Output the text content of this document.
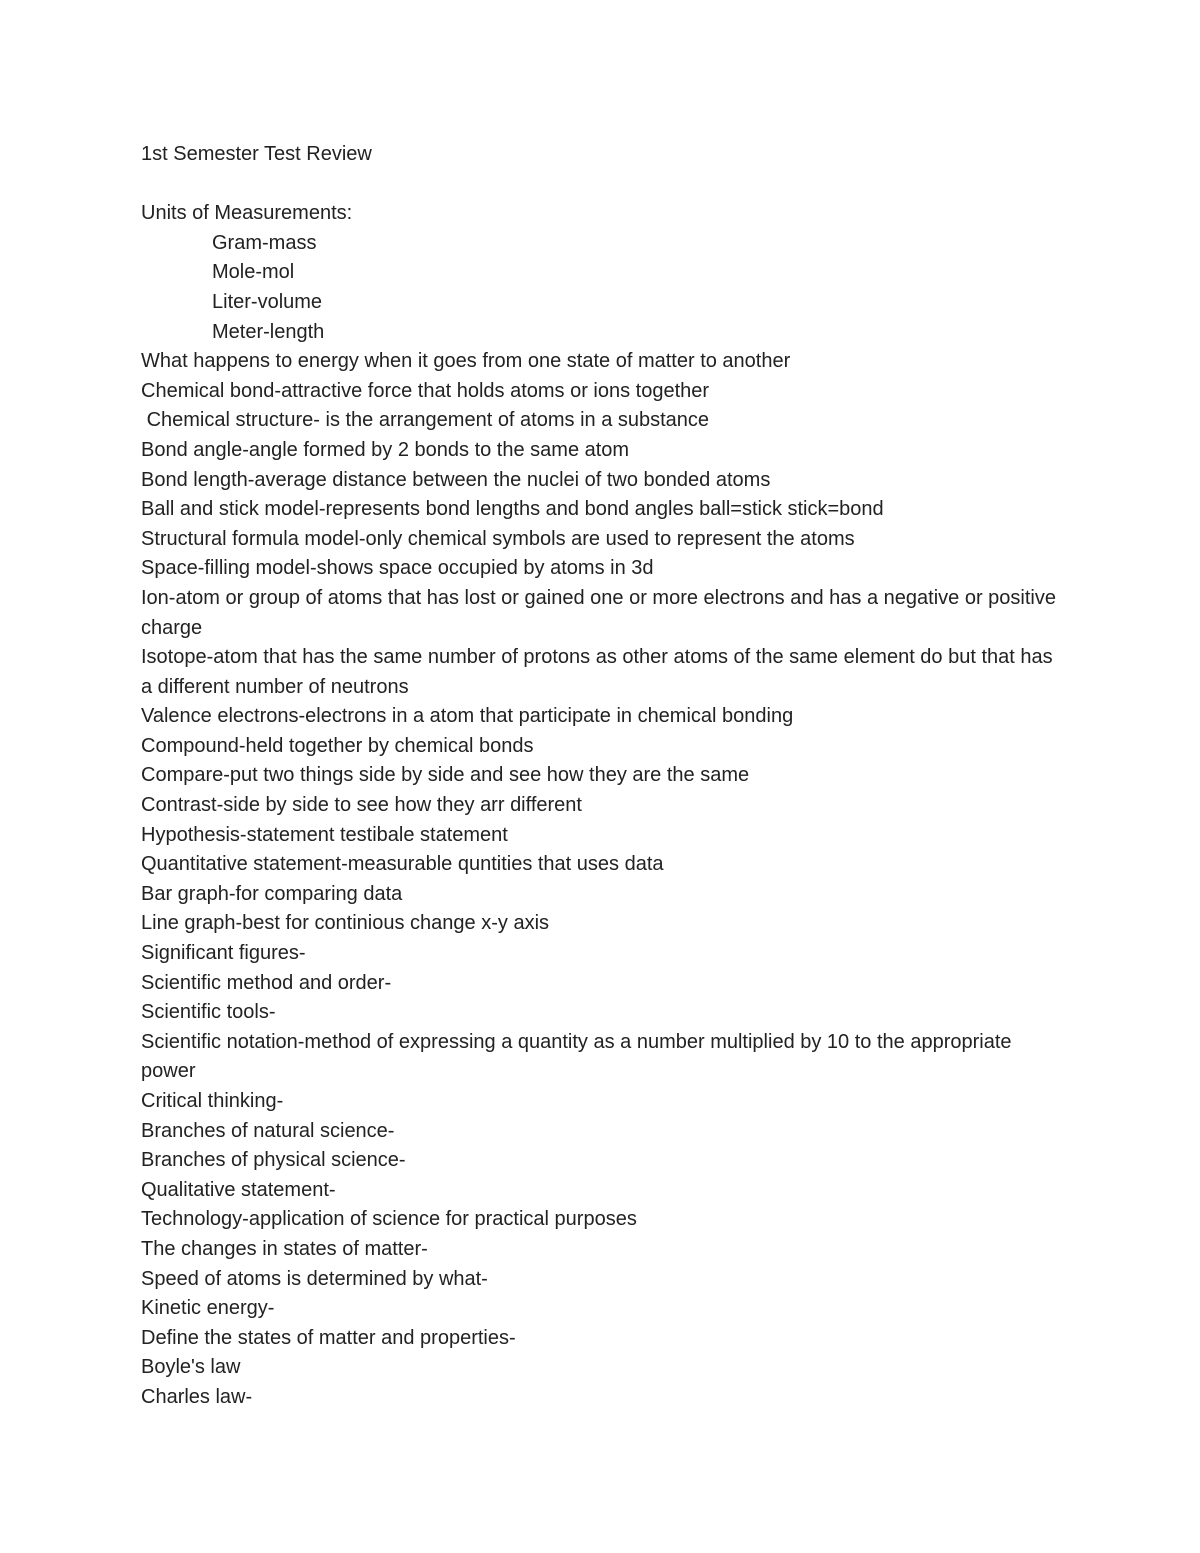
1st Semester Test Review

Units of Measurements:

Gram-mass

Mole-mol

Liter-volume

Meter-length

What happens to energy when it goes from one state of matter to another

Chemical bond-attractive force that holds atoms or ions together

Chemical structure- is the arrangement of atoms in a substance

Bond angle-angle formed by 2 bonds to the same atom

Bond length-average distance between the nuclei of two bonded atoms

Ball and stick model-represents bond lengths and bond angles ball=stick stick=bond

Structural formula model-only chemical symbols are used to represent the atoms

Space-filling model-shows space occupied by atoms in 3d

Ion-atom or group of atoms that has lost or gained one or more electrons and has a negative or positive charge

Isotope-atom that has the same number of protons as other atoms of the same element do but that has a different number of neutrons

Valence electrons-electrons in a atom that participate in chemical bonding

Compound-held together by chemical bonds

Compare-put two things side by side and see how they are the same

Contrast-side by side to see how they arr different

Hypothesis-statement testibale statement

Quantitative statement-measurable quntities that uses data

Bar graph-for comparing data

Line graph-best for continious change x-y axis

Significant figures-

Scientific method and order-

Scientific tools-

Scientific notation-method of expressing a quantity as a number multiplied by 10 to the appropriate power

Critical thinking-

Branches of natural science-

Branches of physical science-

Qualitative statement-

Technology-application of science for practical purposes

The changes in states of matter-

Speed of atoms is determined by what-

Kinetic energy-

Define the states of matter and properties-

Boyle's law

Charles law-
